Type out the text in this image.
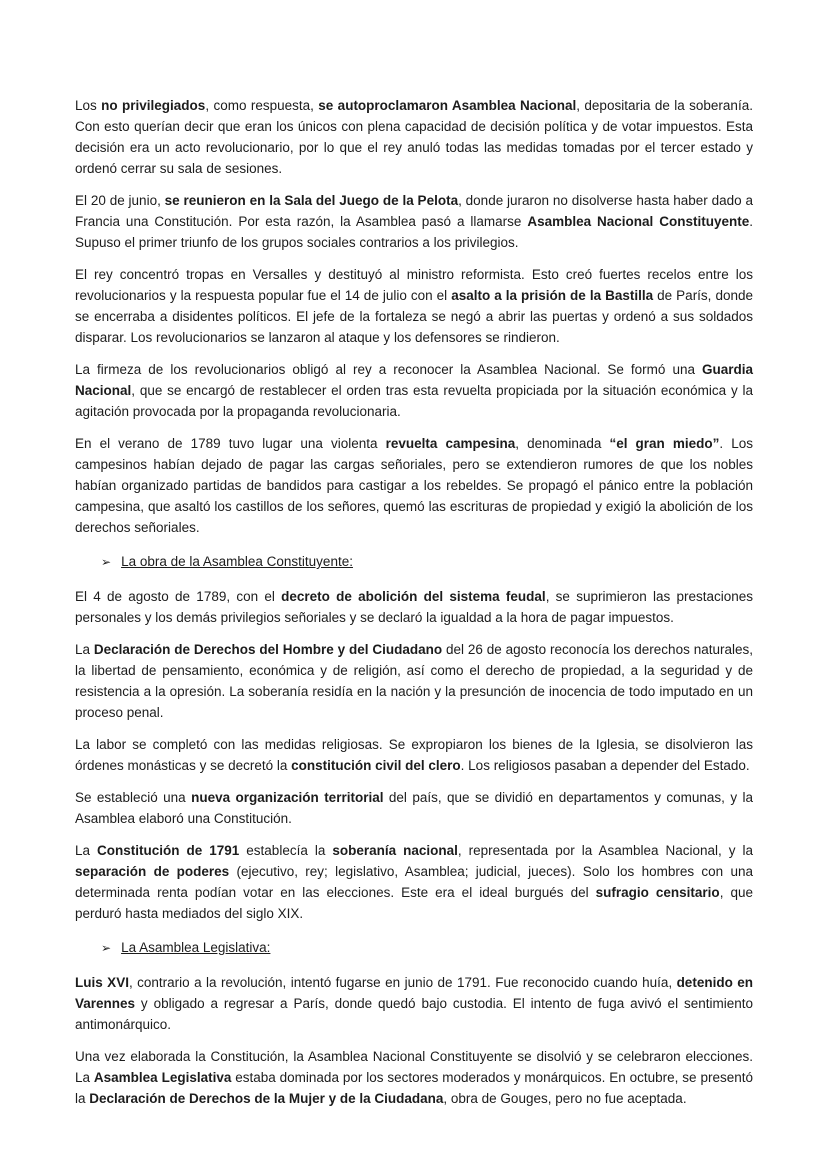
Los no privilegiados, como respuesta, se autoproclamaron Asamblea Nacional, depositaria de la soberanía. Con esto querían decir que eran los únicos con plena capacidad de decisión política y de votar impuestos. Esta decisión era un acto revolucionario, por lo que el rey anuló todas las medidas tomadas por el tercer estado y ordenó cerrar su sala de sesiones.

El 20 de junio, se reunieron en la Sala del Juego de la Pelota, donde juraron no disolverse hasta haber dado a Francia una Constitución. Por esta razón, la Asamblea pasó a llamarse Asamblea Nacional Constituyente. Supuso el primer triunfo de los grupos sociales contrarios a los privilegios.

El rey concentró tropas en Versalles y destituyó al ministro reformista. Esto creó fuertes recelos entre los revolucionarios y la respuesta popular fue el 14 de julio con el asalto a la prisión de la Bastilla de París, donde se encerraba a disidentes políticos. El jefe de la fortaleza se negó a abrir las puertas y ordenó a sus soldados disparar. Los revolucionarios se lanzaron al ataque y los defensores se rindieron.

La firmeza de los revolucionarios obligó al rey a reconocer la Asamblea Nacional. Se formó una Guardia Nacional, que se encargó de restablecer el orden tras esta revuelta propiciada por la situación económica y la agitación provocada por la propaganda revolucionaria.

En el verano de 1789 tuvo lugar una violenta revuelta campesina, denominada “el gran miedo”. Los campesinos habían dejado de pagar las cargas señoriales, pero se extendieron rumores de que los nobles habían organizado partidas de bandidos para castigar a los rebeldes. Se propagó el pánico entre la población campesina, que asaltó los castillos de los señores, quemó las escrituras de propiedad y exigió la abolición de los derechos señoriales.

➢ La obra de la Asamblea Constituyente:

El 4 de agosto de 1789, con el decreto de abolición del sistema feudal, se suprimieron las prestaciones personales y los demás privilegios señoriales y se declaró la igualdad a la hora de pagar impuestos.

La Declaración de Derechos del Hombre y del Ciudadano del 26 de agosto reconocía los derechos naturales, la libertad de pensamiento, económica y de religión, así como el derecho de propiedad, a la seguridad y de resistencia a la opresión. La soberanía residía en la nación y la presunción de inocencia de todo imputado en un proceso penal.

La labor se completó con las medidas religiosas. Se expropiaron los bienes de la Iglesia, se disolvieron las órdenes monásticas y se decretó la constitución civil del clero. Los religiosos pasaban a depender del Estado.

Se estableció una nueva organización territorial del país, que se dividió en departamentos y comunas, y la Asamblea elaboró una Constitución.

La Constitución de 1791 establecía la soberanía nacional, representada por la Asamblea Nacional, y la separación de poderes (ejecutivo, rey; legislativo, Asamblea; judicial, jueces). Solo los hombres con una determinada renta podían votar en las elecciones. Este era el ideal burgués del sufragio censitario, que perduró hasta mediados del siglo XIX.

➢ La Asamblea Legislativa:

Luis XVI, contrario a la revolución, intentó fugarse en junio de 1791. Fue reconocido cuando huía, detenido en Varennes y obligado a regresar a París, donde quedó bajo custodia. El intento de fuga avivó el sentimiento antimonárquico.

Una vez elaborada la Constitución, la Asamblea Nacional Constituyente se disolvió y se celebraron elecciones. La Asamblea Legislativa estaba dominada por los sectores moderados y monárquicos. En octubre, se presentó la Declaración de Derechos de la Mujer y de la Ciudadana, obra de Gouges, pero no fue aceptada.
